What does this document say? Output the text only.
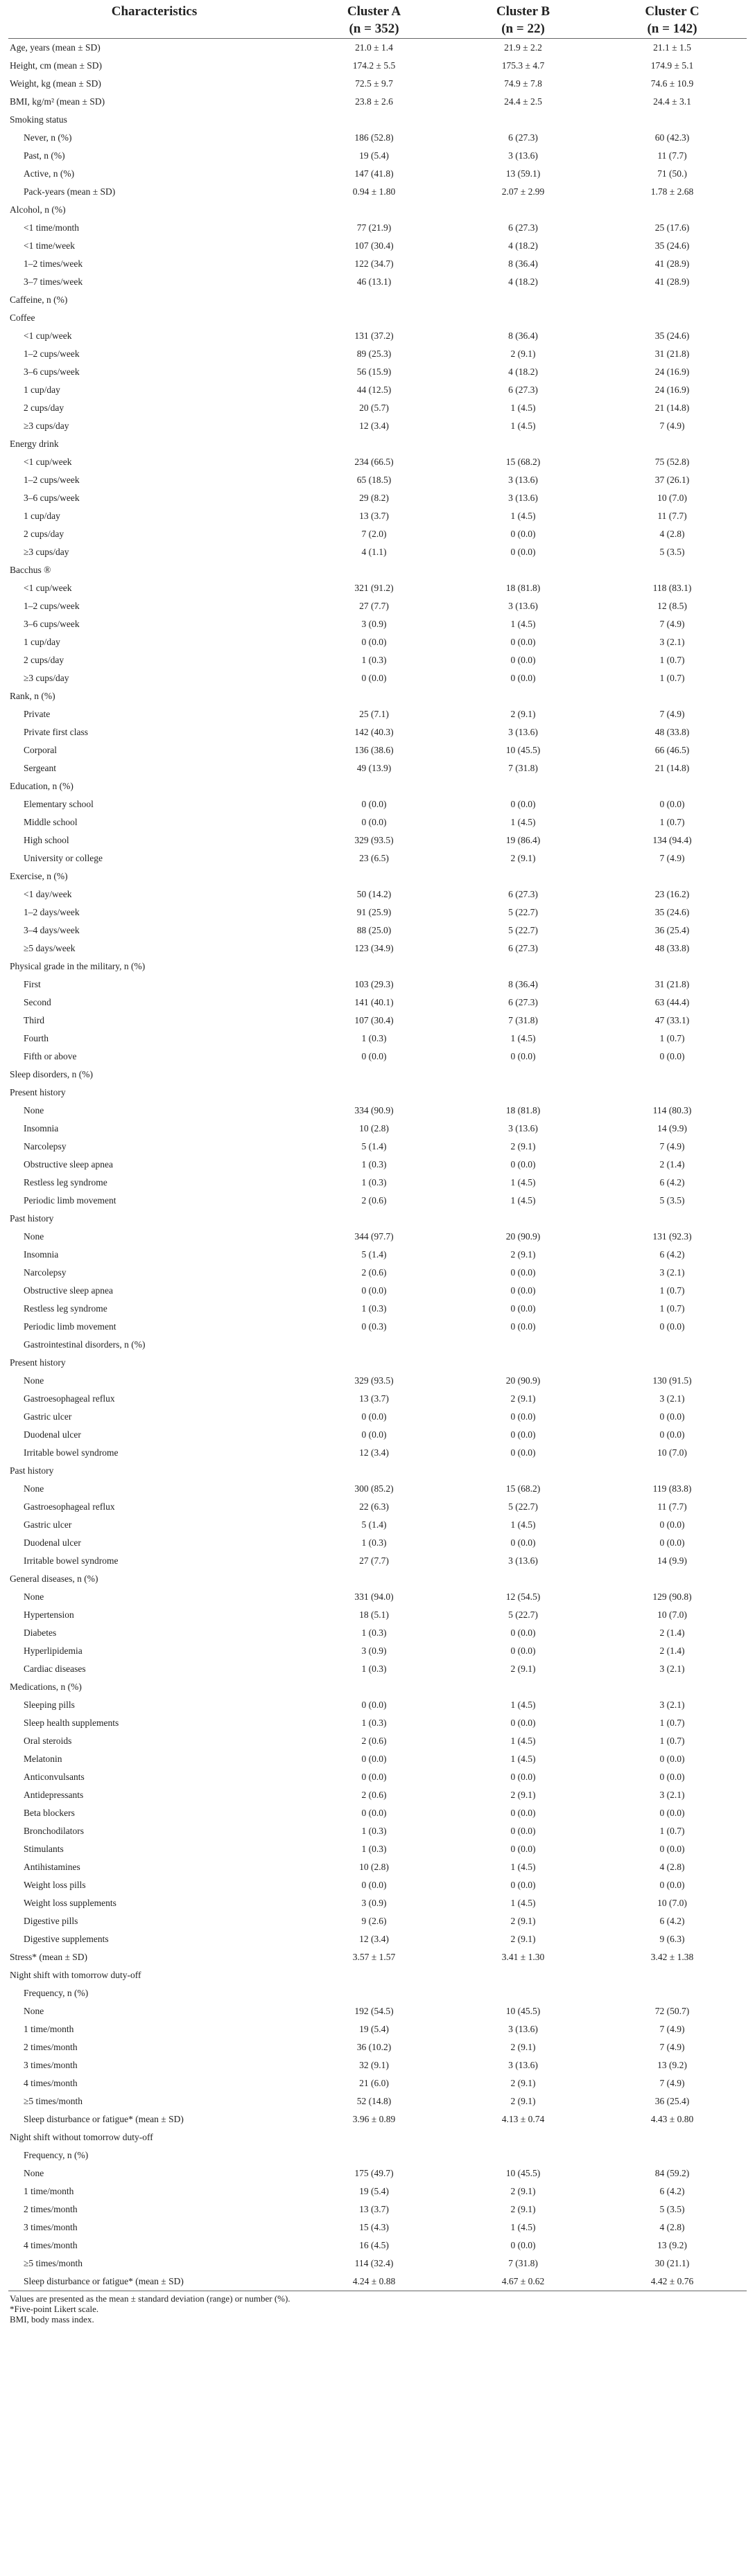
Characteristics	Cluster A	Cluster B	Cluster C
	(n = 352)	(n = 22)	(n = 142)
Age, years (mean ± SD)	21.0 ± 1.4	21.9 ± 2.2	21.1 ± 1.5
Height, cm (mean ± SD)	174.2 ± 5.5	175.3 ± 4.7	174.9 ± 5.1
Weight, kg (mean ± SD)	72.5 ± 9.7	74.9 ± 7.8	74.6 ± 10.9
BMI, kg/m² (mean ± SD)	23.8 ± 2.6	24.4 ± 2.5	24.4 ± 3.1
Smoking status			
Never, n (%)	186 (52.8)	6 (27.3)	60 (42.3)
Past, n (%)	19 (5.4)	3 (13.6)	11 (7.7)
Active, n (%)	147 (41.8)	13 (59.1)	71 (50.)
Pack-years (mean ± SD)	0.94 ± 1.80	2.07 ± 2.99	1.78 ± 2.68
Alcohol, n (%)			
<1 time/month	77 (21.9)	6 (27.3)	25 (17.6)
<1 time/week	107 (30.4)	4 (18.2)	35 (24.6)
1–2 times/week	122 (34.7)	8 (36.4)	41 (28.9)
3–7 times/week	46 (13.1)	4 (18.2)	41 (28.9)
Caffeine, n (%)			
Coffee			
<1 cup/week	131 (37.2)	8 (36.4)	35 (24.6)
1–2 cups/week	89 (25.3)	2 (9.1)	31 (21.8)
3–6 cups/week	56 (15.9)	4 (18.2)	24 (16.9)
1 cup/day	44 (12.5)	6 (27.3)	24 (16.9)
2 cups/day	20 (5.7)	1 (4.5)	21 (14.8)
≥3 cups/day	12 (3.4)	1 (4.5)	7 (4.9)
Energy drink			
<1 cup/week	234 (66.5)	15 (68.2)	75 (52.8)
1–2 cups/week	65 (18.5)	3 (13.6)	37 (26.1)
3–6 cups/week	29 (8.2)	3 (13.6)	10 (7.0)
1 cup/day	13 (3.7)	1 (4.5)	11 (7.7)
2 cups/day	7 (2.0)	0 (0.0)	4 (2.8)
≥3 cups/day	4 (1.1)	0 (0.0)	5 (3.5)
Bacchus ®			
<1 cup/week	321 (91.2)	18 (81.8)	118 (83.1)
1–2 cups/week	27 (7.7)	3 (13.6)	12 (8.5)
3–6 cups/week	3 (0.9)	1 (4.5)	7 (4.9)
1 cup/day	0 (0.0)	0 (0.0)	3 (2.1)
2 cups/day	1 (0.3)	0 (0.0)	1 (0.7)
≥3 cups/day	0 (0.0)	0 (0.0)	1 (0.7)
Rank, n (%)			
Private	25 (7.1)	2 (9.1)	7 (4.9)
Private first class	142 (40.3)	3 (13.6)	48 (33.8)
Corporal	136 (38.6)	10 (45.5)	66 (46.5)
Sergeant	49 (13.9)	7 (31.8)	21 (14.8)
Education, n (%)			
Elementary school	0 (0.0)	0 (0.0)	0 (0.0)
Middle school	0 (0.0)	1 (4.5)	1 (0.7)
High school	329 (93.5)	19 (86.4)	134 (94.4)
University or college	23 (6.5)	2 (9.1)	7 (4.9)
Exercise, n (%)			
<1 day/week	50 (14.2)	6 (27.3)	23 (16.2)
1–2 days/week	91 (25.9)	5 (22.7)	35 (24.6)
3–4 days/week	88 (25.0)	5 (22.7)	36 (25.4)
≥5 days/week	123 (34.9)	6 (27.3)	48 (33.8)
Physical grade in the military, n (%)			
First	103 (29.3)	8 (36.4)	31 (21.8)
Second	141 (40.1)	6 (27.3)	63 (44.4)
Third	107 (30.4)	7 (31.8)	47 (33.1)
Fourth	1 (0.3)	1 (4.5)	1 (0.7)
Fifth or above	0 (0.0)	0 (0.0)	0 (0.0)
Sleep disorders, n (%)			
Present history			
None	334 (90.9)	18 (81.8)	114 (80.3)
Insomnia	10 (2.8)	3 (13.6)	14 (9.9)
Narcolepsy	5 (1.4)	2 (9.1)	7 (4.9)
Obstructive sleep apnea	1 (0.3)	0 (0.0)	2 (1.4)
Restless leg syndrome	1 (0.3)	1 (4.5)	6 (4.2)
Periodic limb movement	2 (0.6)	1 (4.5)	5 (3.5)
Past history			
None	344 (97.7)	20 (90.9)	131 (92.3)
Insomnia	5 (1.4)	2 (9.1)	6 (4.2)
Narcolepsy	2 (0.6)	0 (0.0)	3 (2.1)
Obstructive sleep apnea	0 (0.0)	0 (0.0)	1 (0.7)
Restless leg syndrome	1 (0.3)	0 (0.0)	1 (0.7)
Periodic limb movement	0 (0.3)	0 (0.0)	0 (0.0)
Gastrointestinal disorders, n (%)			
Present history			
None	329 (93.5)	20 (90.9)	130 (91.5)
Gastroesophageal reflux	13 (3.7)	2 (9.1)	3 (2.1)
Gastric ulcer	0 (0.0)	0 (0.0)	0 (0.0)
Duodenal ulcer	0 (0.0)	0 (0.0)	0 (0.0)
Irritable bowel syndrome	12 (3.4)	0 (0.0)	10 (7.0)
Past history			
None	300 (85.2)	15 (68.2)	119 (83.8)
Gastroesophageal reflux	22 (6.3)	5 (22.7)	11 (7.7)
Gastric ulcer	5 (1.4)	1 (4.5)	0 (0.0)
Duodenal ulcer	1 (0.3)	0 (0.0)	0 (0.0)
Irritable bowel syndrome	27 (7.7)	3 (13.6)	14 (9.9)
General diseases, n (%)			
None	331 (94.0)	12 (54.5)	129 (90.8)
Hypertension	18 (5.1)	5 (22.7)	10 (7.0)
Diabetes	1 (0.3)	0 (0.0)	2 (1.4)
Hyperlipidemia	3 (0.9)	0 (0.0)	2 (1.4)
Cardiac diseases	1 (0.3)	2 (9.1)	3 (2.1)
Medications, n (%)			
Sleeping pills	0 (0.0)	1 (4.5)	3 (2.1)
Sleep health supplements	1 (0.3)	0 (0.0)	1 (0.7)
Oral steroids	2 (0.6)	1 (4.5)	1 (0.7)
Melatonin	0 (0.0)	1 (4.5)	0 (0.0)
Anticonvulsants	0 (0.0)	0 (0.0)	0 (0.0)
Antidepressants	2 (0.6)	2 (9.1)	3 (2.1)
Beta blockers	0 (0.0)	0 (0.0)	0 (0.0)
Bronchodilators	1 (0.3)	0 (0.0)	1 (0.7)
Stimulants	1 (0.3)	0 (0.0)	0 (0.0)
Antihistamines	10 (2.8)	1 (4.5)	4 (2.8)
Weight loss pills	0 (0.0)	0 (0.0)	0 (0.0)
Weight loss supplements	3 (0.9)	1 (4.5)	10 (7.0)
Digestive pills	9 (2.6)	2 (9.1)	6 (4.2)
Digestive supplements	12 (3.4)	2 (9.1)	9 (6.3)
Stress* (mean ± SD)	3.57 ± 1.57	3.41 ± 1.30	3.42 ± 1.38
Night shift with tomorrow duty-off			
Frequency, n (%)			
None	192 (54.5)	10 (45.5)	72 (50.7)
1 time/month	19 (5.4)	3 (13.6)	7 (4.9)
2 times/month	36 (10.2)	2 (9.1)	7 (4.9)
3 times/month	32 (9.1)	3 (13.6)	13 (9.2)
4 times/month	21 (6.0)	2 (9.1)	7 (4.9)
≥5 times/month	52 (14.8)	2 (9.1)	36 (25.4)
Sleep disturbance or fatigue* (mean ± SD)	3.96 ± 0.89	4.13 ± 0.74	4.43 ± 0.80
Night shift without tomorrow duty-off			
Frequency, n (%)			
None	175 (49.7)	10 (45.5)	84 (59.2)
1 time/month	19 (5.4)	2 (9.1)	6 (4.2)
2 times/month	13 (3.7)	2 (9.1)	5 (3.5)
3 times/month	15 (4.3)	1 (4.5)	4 (2.8)
4 times/month	16 (4.5)	0 (0.0)	13 (9.2)
≥5 times/month	114 (32.4)	7 (31.8)	30 (21.1)
Sleep disturbance or fatigue* (mean ± SD)	4.24 ± 0.88	4.67 ± 0.62	4.42 ± 0.76
Values are presented as the mean ± standard deviation (range) or number (%).
*Five-point Likert scale.
BMI, body mass index.
